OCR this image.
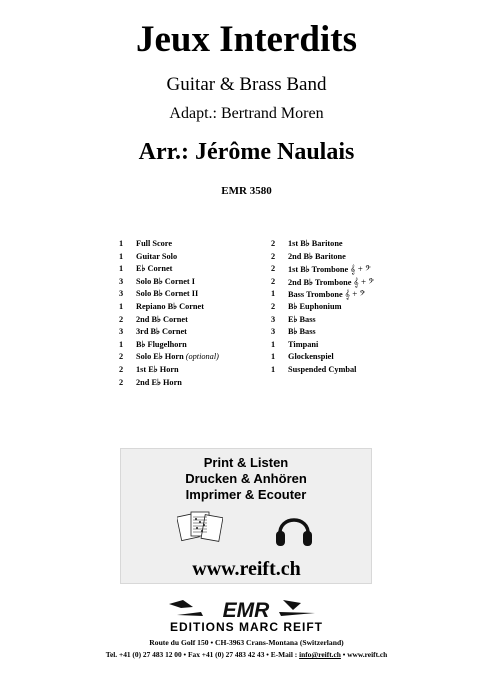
Jeux Interdits
Guitar & Brass Band
Adapt.: Bertrand Moren
Arr.: Jérôme Naulais
EMR 3580
1 Full Score
1 Guitar Solo
1 E♭ Cornet
3 Solo B♭ Cornet I
3 Solo B♭ Cornet II
1 Repiano B♭ Cornet
2 2nd B♭ Cornet
3 3rd B♭ Cornet
1 B♭ Flugelhorn
2 Solo E♭ Horn (optional)
2 1st E♭ Horn
2 2nd E♭ Horn
2 1st B♭ Baritone
2 2nd B♭ Baritone
2 1st B♭ Trombone 𝄞 + 𝄢
2 2nd B♭ Trombone 𝄞 + 𝄢
1 Bass Trombone 𝄞 + 𝄢
2 B♭ Euphonium
3 E♭ Bass
3 B♭ Bass
1 Timpani
1 Glockenspiel
1 Suspended Cymbal
Print & Listen
Drucken & Anhören
Imprimer & Ecouter
www.reift.ch
EMR
EDITIONS MARC REIFT
Route du Golf 150 • CH-3963 Crans-Montana (Switzerland)
Tel. +41 (0) 27 483 12 00 • Fax +41 (0) 27 483 42 43 • E-Mail : info@reift.ch • www.reift.ch
